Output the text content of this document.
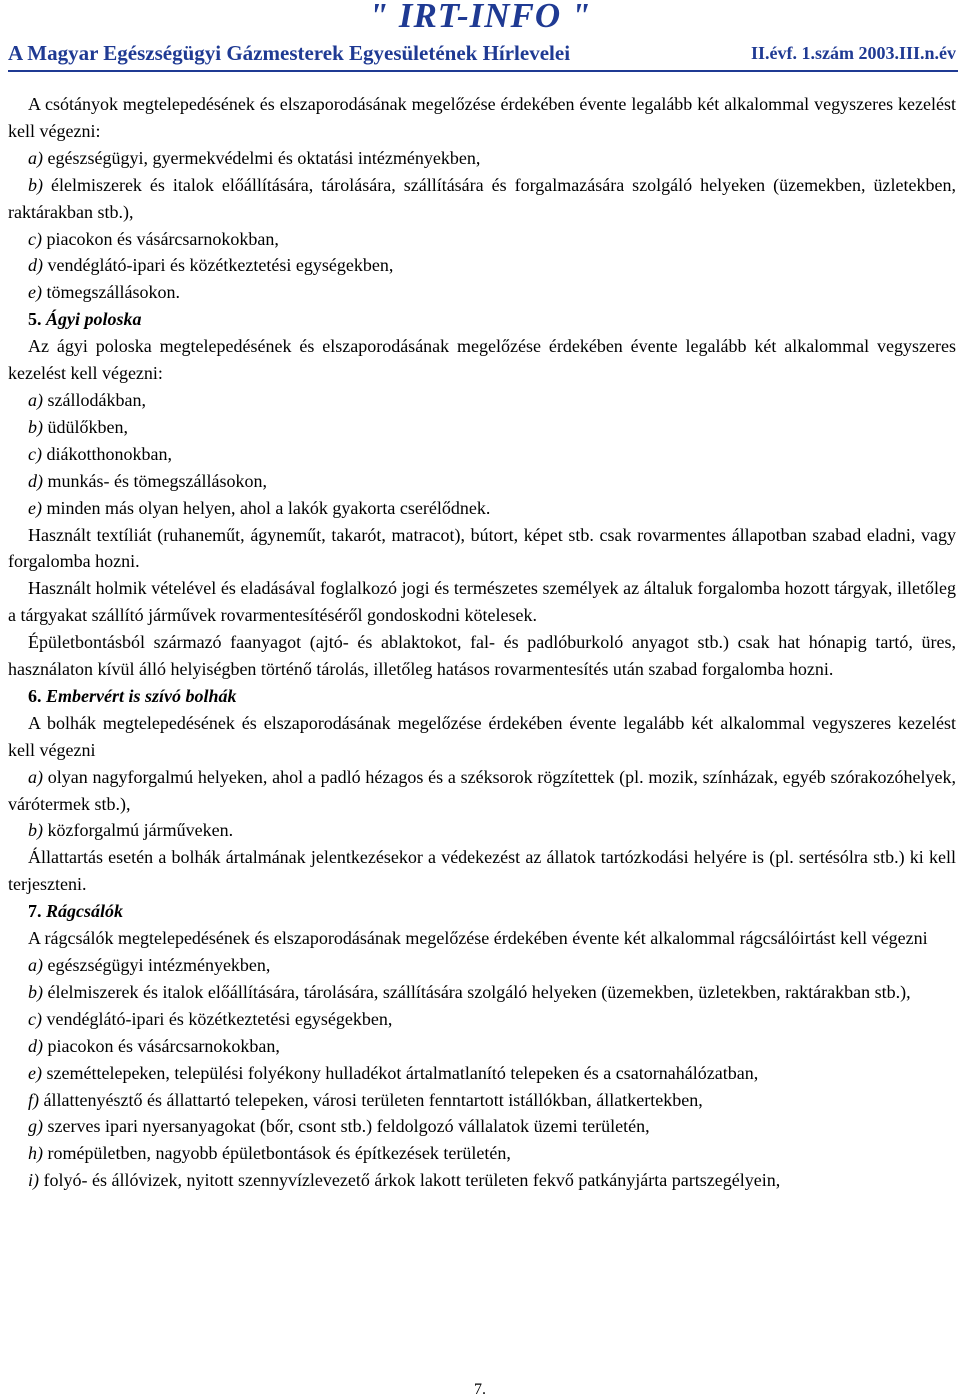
" IRT-INFO "
A Magyar Egészségügyi Gázmesterek Egyesületének Hírlevelei	II.évf. 1.szám 2003.III.n.év

A csótányok megtelepedésének és elszaporodásának megelőzése érdekében évente legalább két alkalommal vegyszeres kezelést kell végezni:

a) egészségügyi, gyermekvédelmi és oktatási intézményekben,

b) élelmiszerek és italok előállítására, tárolására, szállítására és forgalmazására szolgáló helyeken (üzemekben, üzletekben, raktárakban stb.),

c) piacokon és vásárcsarnokokban,

d) vendéglátó-ipari és közétkeztetési egységekben,

e) tömegszállásokon.

5. Ágyi poloska

Az ágyi poloska megtelepedésének és elszaporodásának megelőzése érdekében évente legalább két alkalommal vegyszeres kezelést kell végezni:

a) szállodákban,

b) üdülőkben,

c) diákotthonokban,

d) munkás- és tömegszállásokon,

e) minden más olyan helyen, ahol a lakók gyakorta cserélődnek.

Használt textíliát (ruhaneműt, ágyneműt, takarót, matracot), bútort, képet stb. csak rovarmentes állapotban szabad eladni, vagy forgalomba hozni.

Használt holmik vételével és eladásával foglalkozó jogi és természetes személyek az általuk forgalomba hozott tárgyak, illetőleg a tárgyakat szállító járművek rovarmentesítéséről gondoskodni kötelesek.

Épületbontásból származó faanyagot (ajtó- és ablaktokot, fal- és padlóburkoló anyagot stb.) csak hat hónapig tartó, üres, használaton kívül álló helyiségben történő tárolás, illetőleg hatásos rovarmentesítés után szabad forgalomba hozni.

6. Embervért is szívó bolhák

A bolhák megtelepedésének és elszaporodásának megelőzése érdekében évente legalább két alkalommal vegyszeres kezelést kell végezni

a) olyan nagyforgalmú helyeken, ahol a padló hézagos és a széksorok rögzítettek (pl. mozik, színházak, egyéb szórakozóhelyek, várótermek stb.),

b) közforgalmú járműveken.

Állattartás esetén a bolhák ártalmának jelentkezésekor a védekezést az állatok tartózkodási helyére is (pl. sertésólra stb.) ki kell terjeszteni.

7. Rágcsálók

A rágcsálók megtelepedésének és elszaporodásának megelőzése érdekében évente két alkalommal rágcsálóirtást kell végezni

a) egészségügyi intézményekben,

b) élelmiszerek és italok előállítására, tárolására, szállítására szolgáló helyeken (üzemekben, üzletekben, raktárakban stb.),

c) vendéglátó-ipari és közétkeztetési egységekben,

d) piacokon és vásárcsarnokokban,

e) szeméttelepeken, települési folyékony hulladékot ártalmatlanító telepeken és a csatornahálózatban,

f) állattenyésztő és állattartó telepeken, városi területen fenntartott istállókban, állatkertekben,

g) szerves ipari nyersanyagokat (bőr, csont stb.) feldolgozó vállalatok üzemi területén,

h) romépületben, nagyobb épületbontások és építkezések területén,

i) folyó- és állóvizek, nyitott szennyvízlevezető árkok lakott területen fekvő patkányjárta partszegélyein,

7.
